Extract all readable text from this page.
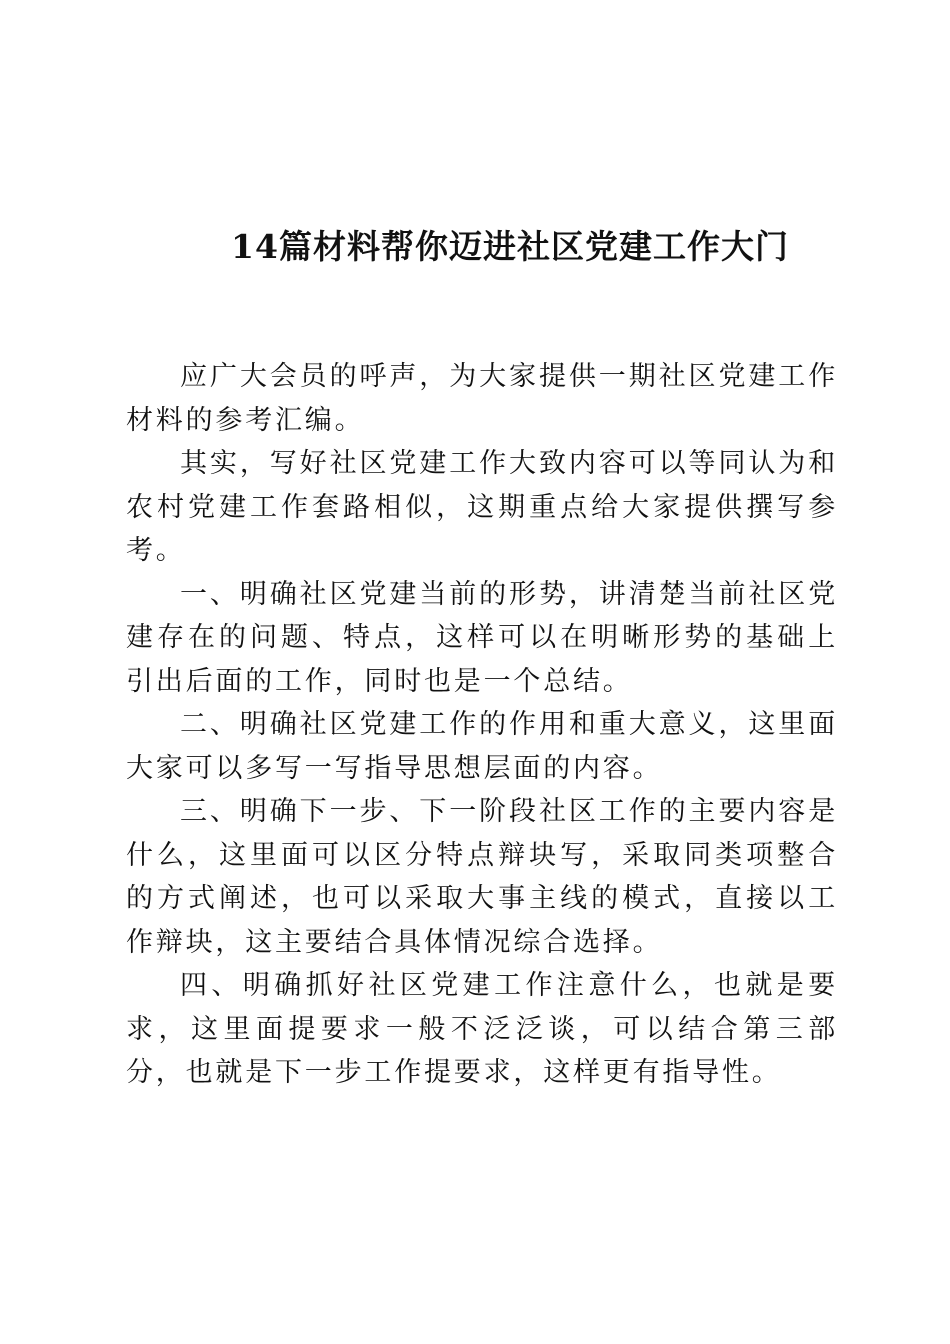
14篇材料帮你迈进社区党建工作大门

应广大会员的呼声，为大家提供一期社区党建工作材料的参考汇编。

其实，写好社区党建工作大致内容可以等同认为和农村党建工作套路相似，这期重点给大家提供撰写参考。

一、明确社区党建当前的形势，讲清楚当前社区党建存在的问题、特点，这样可以在明晰形势的基础上引出后面的工作，同时也是一个总结。

二、明确社区党建工作的作用和重大意义，这里面大家可以多写一写指导思想层面的内容。

三、明确下一步、下一阶段社区工作的主要内容是什么，这里面可以区分特点辩块写，采取同类项整合的方式阐述，也可以采取大事主线的模式，直接以工作辩块，这主要结合具体情况综合选择。

四、明确抓好社区党建工作注意什么，也就是要求，这里面提要求一般不泛泛谈，可以结合第三部分，也就是下一步工作提要求，这样更有指导性。
